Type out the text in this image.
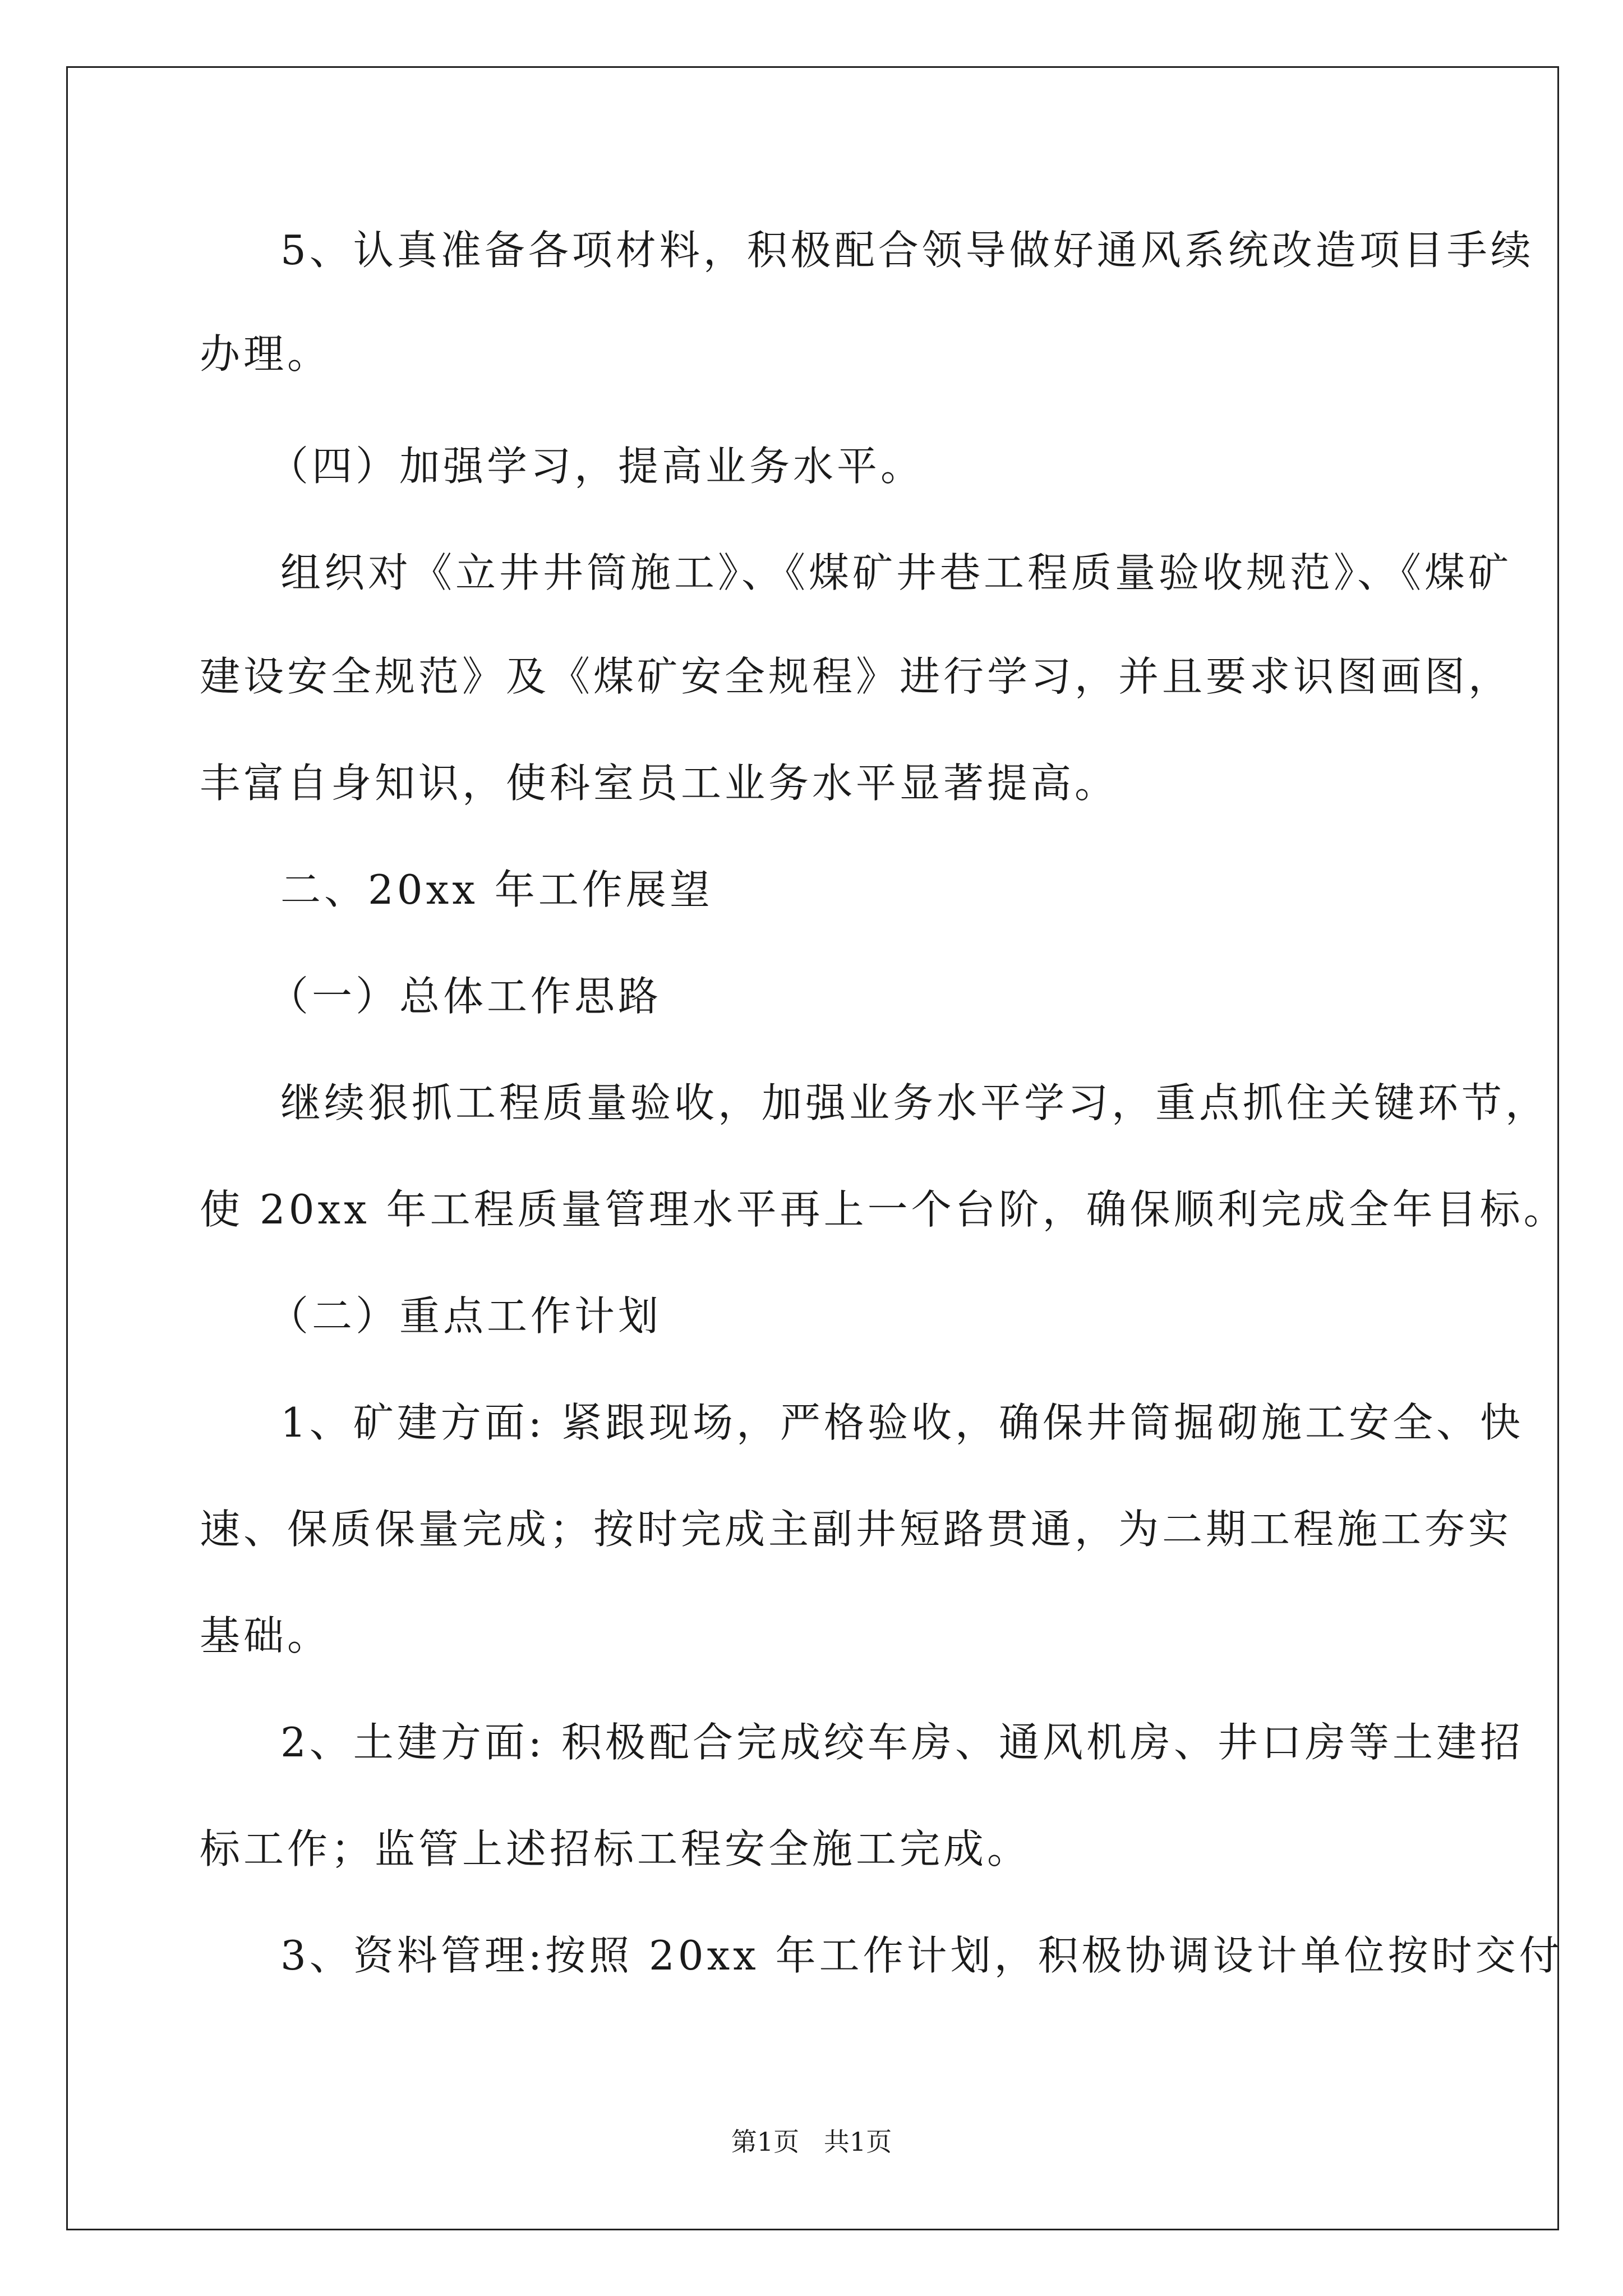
5、认真准备各项材料，积极配合领导做好通风系统改造项目手续
办理。
（四）加强学习，提高业务水平。
组织对《立井井筒施工》、《煤矿井巷工程质量验收规范》、《煤矿
建设安全规范》及《煤矿安全规程》进行学习，并且要求识图画图，
丰富自身知识，使科室员工业务水平显著提高。
二、20xx 年工作展望
（一）总体工作思路
继续狠抓工程质量验收，加强业务水平学习，重点抓住关键环节，
使 20xx 年工程质量管理水平再上一个台阶，确保顺利完成全年目标。
（二）重点工作计划
1、矿建方面: 紧跟现场，严格验收，确保井筒掘砌施工安全、快
速、保质保量完成；按时完成主副井短路贯通，为二期工程施工夯实
基础。
2、土建方面: 积极配合完成绞车房、通风机房、井口房等土建招
标工作；监管上述招标工程安全施工完成。
3、资料管理:按照 20xx 年工作计划，积极协调设计单位按时交付
第1页   共1页
